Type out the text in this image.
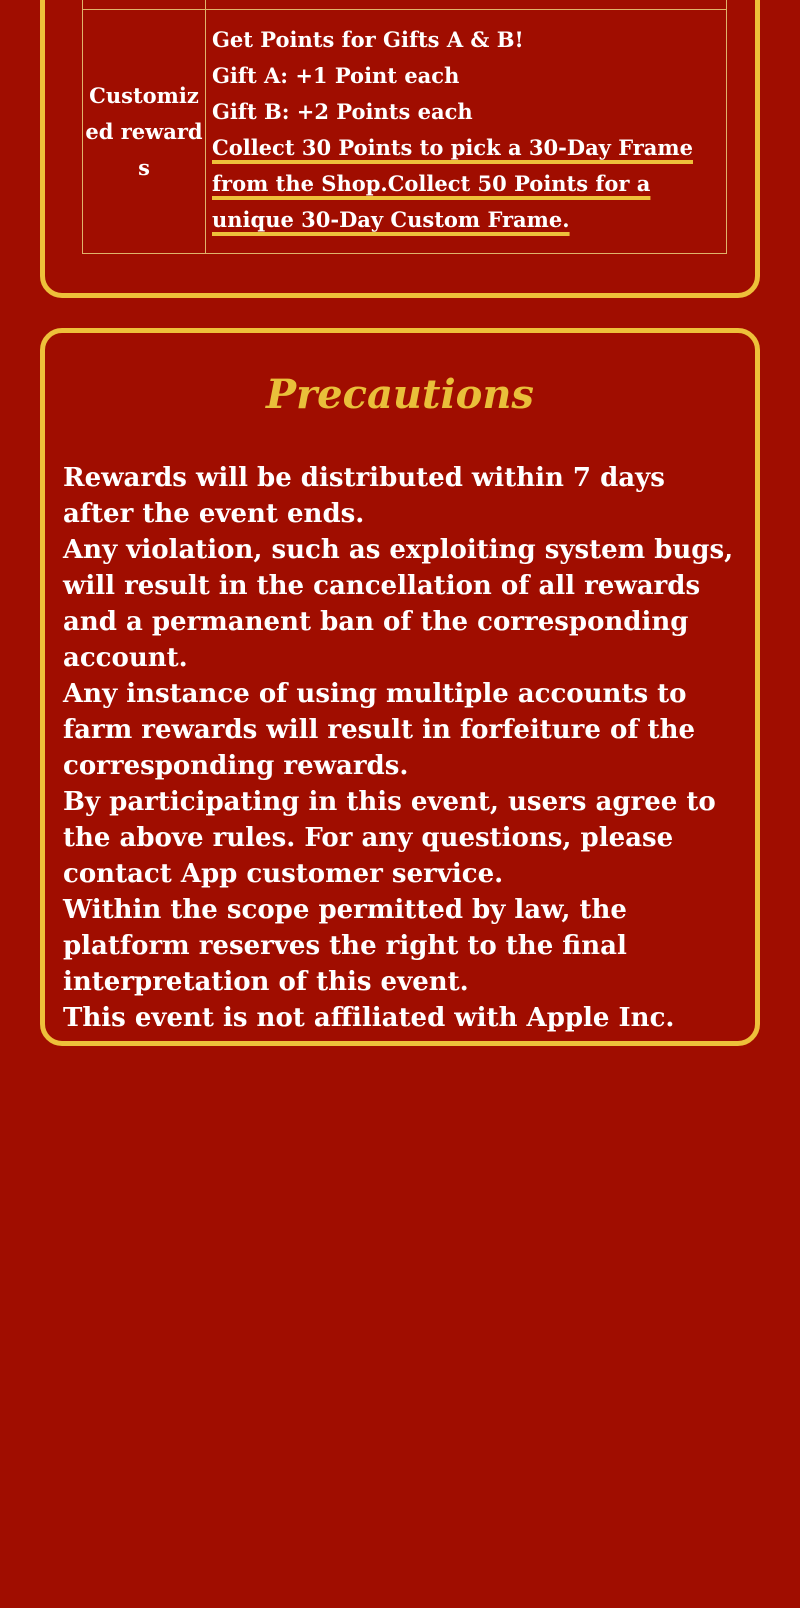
Customized rewards	Get Points for Gifts A & B!
Gift A: +1 Point each
Gift B: +2 Points each
Collect 30 Points to pick a 30-Day Frame from the Shop.Collect 50 Points for a unique 30-Day Custom Frame.
Precautions
Rewards will be distributed within 7 days after the event ends.
Any violation, such as exploiting system bugs, will result in the cancellation of all rewards and a permanent ban of the corresponding account.
Any instance of using multiple accounts to farm rewards will result in forfeiture of the corresponding rewards.
By participating in this event, users agree to the above rules. For any questions, please contact App customer service.
Within the scope permitted by law, the platform reserves the right to the final interpretation of this event.
This event is not affiliated with Apple Inc.
